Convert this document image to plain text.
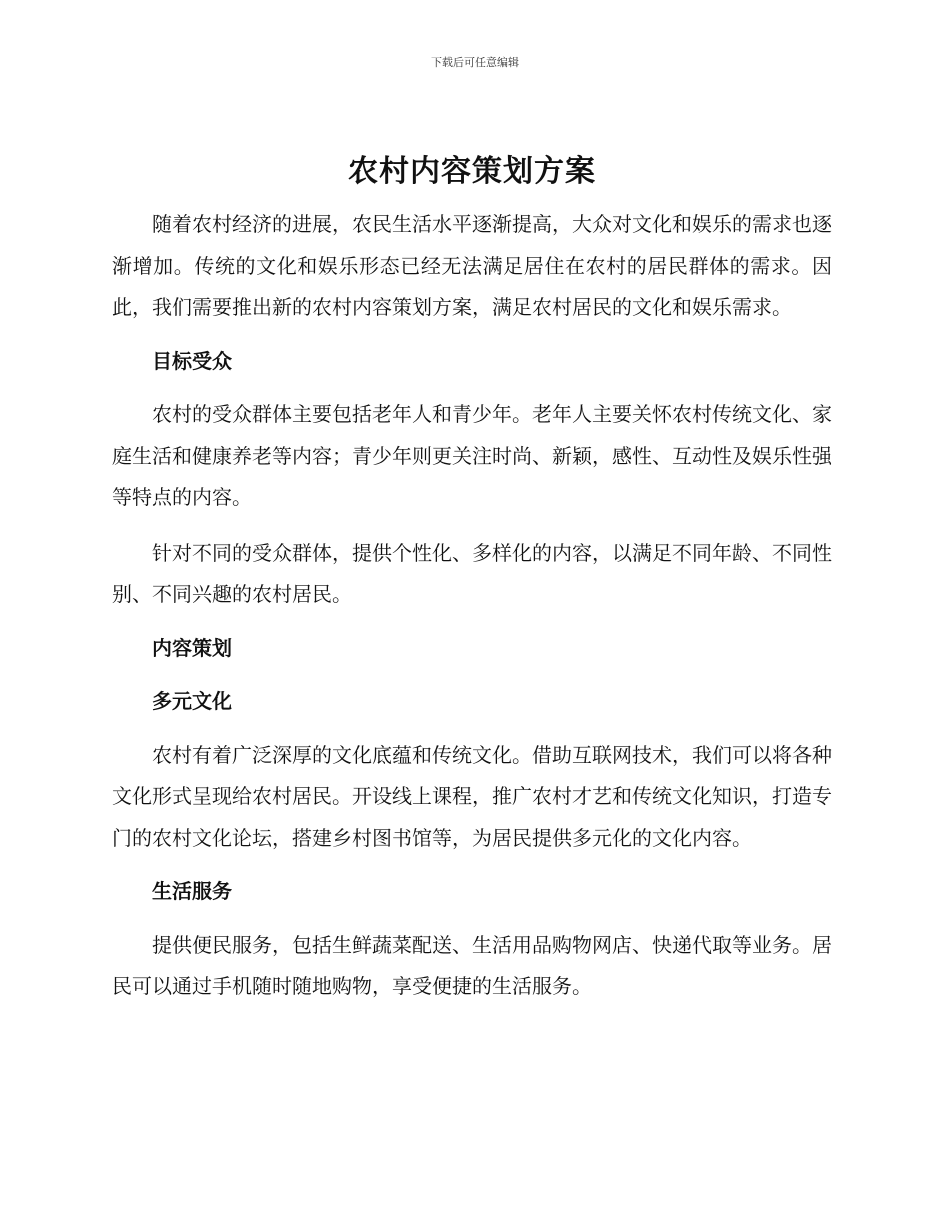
下载后可任意编辑
农村内容策划方案

随着农村经济的进展，农民生活水平逐渐提高，大众对文化和娱乐的需求也逐渐增加。传统的文化和娱乐形态已经无法满足居住在农村的居民群体的需求。因此，我们需要推出新的农村内容策划方案，满足农村居民的文化和娱乐需求。

目标受众

农村的受众群体主要包括老年人和青少年。老年人主要关怀农村传统文化、家庭生活和健康养老等内容；青少年则更关注时尚、新颖，感性、互动性及娱乐性强等特点的内容。

针对不同的受众群体，提供个性化、多样化的内容，以满足不同年龄、不同性别、不同兴趣的农村居民。

内容策划
多元文化

农村有着广泛深厚的文化底蕴和传统文化。借助互联网技术，我们可以将各种文化形式呈现给农村居民。开设线上课程，推广农村才艺和传统文化知识，打造专门的农村文化论坛，搭建乡村图书馆等，为居民提供多元化的文化内容。

生活服务

提供便民服务，包括生鲜蔬菜配送、生活用品购物网店、快递代取等业务。居民可以通过手机随时随地购物，享受便捷的生活服务。
